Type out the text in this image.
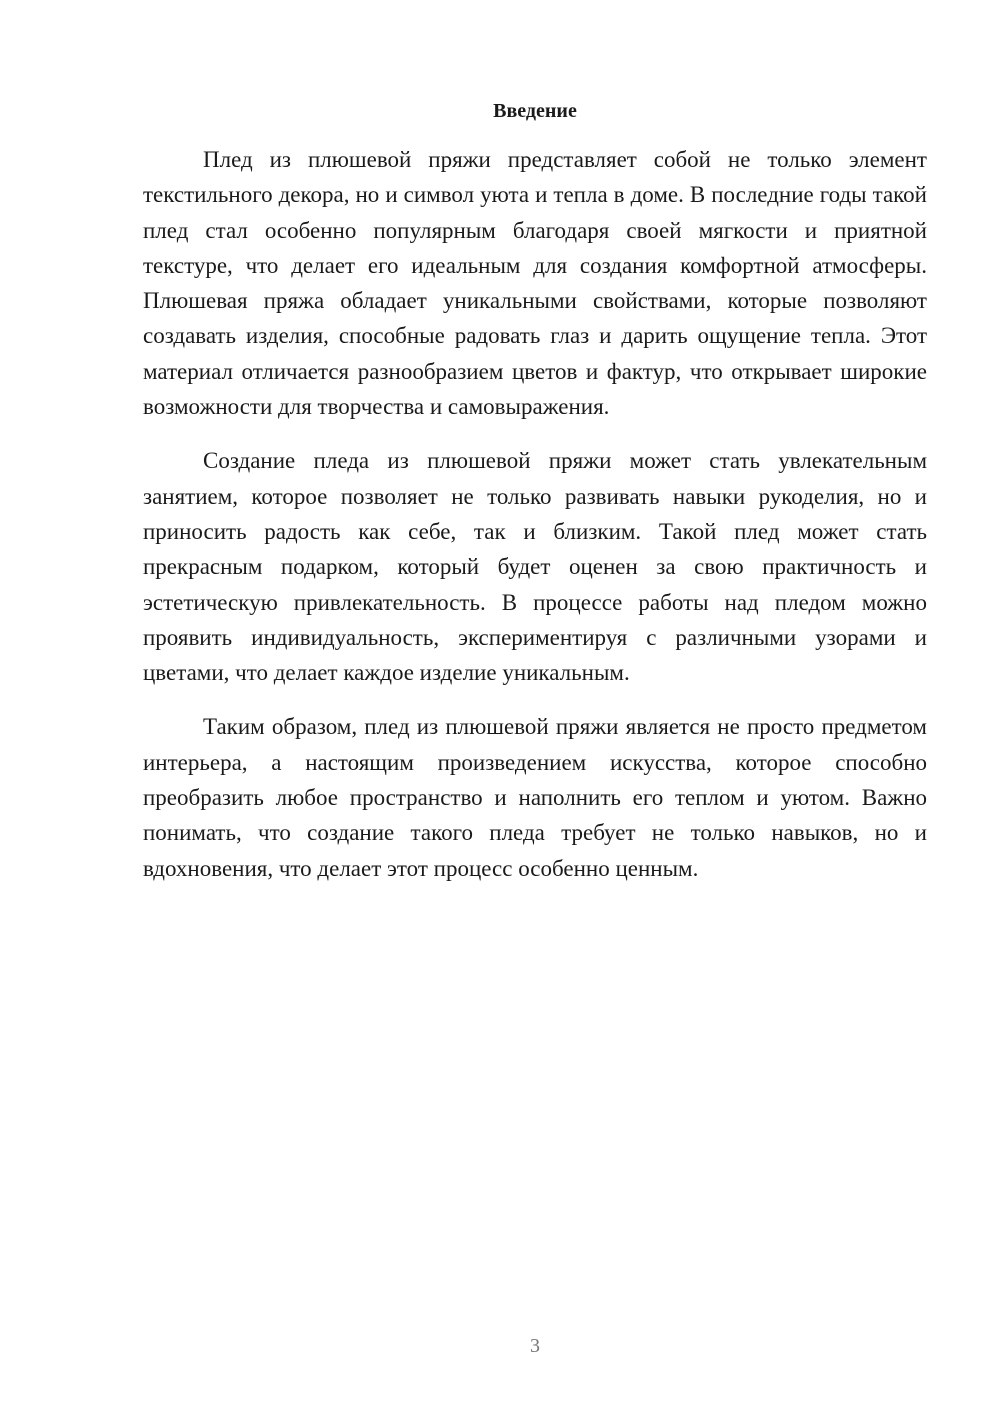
Введение

Плед из плюшевой пряжи представляет собой не только элемент текстильного декора, но и символ уюта и тепла в доме. В последние годы такой плед стал особенно популярным благодаря своей мягкости и приятной текстуре, что делает его идеальным для создания комфортной атмосферы. Плюшевая пряжа обладает уникальными свойствами, которые позволяют создавать изделия, способные радовать глаз и дарить ощущение тепла. Этот материал отличается разнообразием цветов и фактур, что открывает широкие возможности для творчества и самовыражения.

Создание пледа из плюшевой пряжи может стать увлекательным занятием, которое позволяет не только развивать навыки рукоделия, но и приносить радость как себе, так и близким. Такой плед может стать прекрасным подарком, который будет оценен за свою практичность и эстетическую привлекательность. В процессе работы над пледом можно проявить индивидуальность, экспериментируя с различными узорами и цветами, что делает каждое изделие уникальным.

Таким образом, плед из плюшевой пряжи является не просто предметом интерьера, а настоящим произведением искусства, которое способно преобразить любое пространство и наполнить его теплом и уютом. Важно понимать, что создание такого пледа требует не только навыков, но и вдохновения, что делает этот процесс особенно ценным.

3
